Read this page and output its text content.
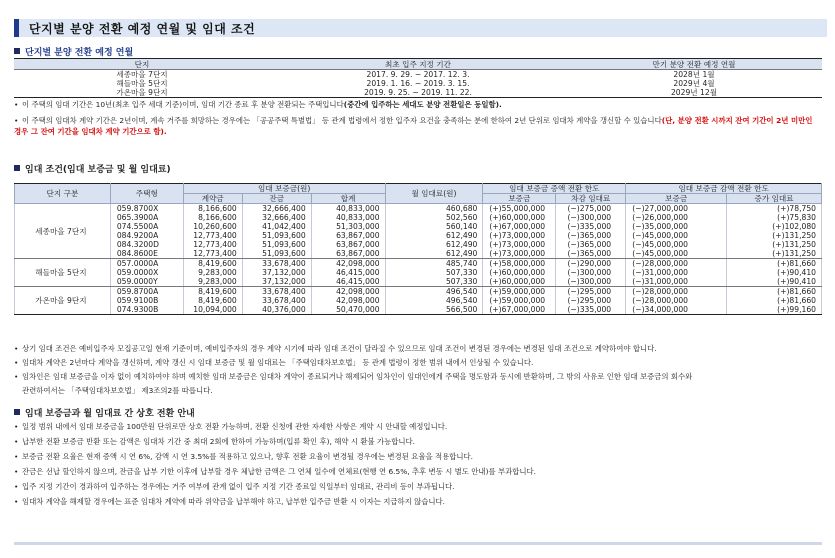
단지별 분양 전환 예정 연월 및 임대 조건
단지별 분양 전환 예정 연월
단지	최초 입주 지정 기간	만기 분양 전환 예정 연월
세종마을 7단지	2017. 9. 29. ~ 2017. 12. 3.	2028년 1월
해들마을 5단지	2019. 1. 16. ~ 2019. 3. 15.	2029년 4월
가온마을 9단지	2019. 9. 25. ~ 2019. 11. 22.	2029년 12월
• 이 주택의 임대 기간은 10년(최초 입주 세대 기준)이며, 임대 기간 종료 후 분양 전환되는 주택입니다(중간에 입주하는 세대도 분양 전환일은 동일함).
• 이 주택의 임대차 계약 기간은 2년이며, 계속 거주를 희망하는 경우에는 「공공주택 특별법」 등 관계 법령에서 정한 입주자 요건을 충족하는 분에 한하여 2년 단위로 임대차 계약을 갱신할 수 있습니다(단, 분양 전환 시까지 잔여 기간이 2년 미만인 경우 그 잔여 기간을 임대차 계약 기간으로 함).
임대 조건(임대 보증금 및 월 임대료)
단지 구분	주택형	임대 보증금(원)			월 임대료(원)	임대 보증금 증액 전환 한도		임대 보증금 감액 전환 한도	
		계약금	잔금	합계		보증금	차감 임대료	보증금	증가 임대료
세종마을 7단지	059.8700X	8,166,600	32,666,400	40,833,000	460,680	(+)55,000,000	(−)275,000	(−)27,000,000	(+)78,750
	065.3900A	8,166,600	32,666,400	40,833,000	502,560	(+)60,000,000	(−)300,000	(−)26,000,000	(+)75,830
	074.5500A	10,260,600	41,042,400	51,303,000	560,140	(+)67,000,000	(−)335,000	(−)35,000,000	(+)102,080
	084.9200A	12,773,400	51,093,600	63,867,000	612,490	(+)73,000,000	(−)365,000	(−)45,000,000	(+)131,250
	084.3200D	12,773,400	51,093,600	63,867,000	612,490	(+)73,000,000	(−)365,000	(−)45,000,000	(+)131,250
	084.8600E	12,773,400	51,093,600	63,867,000	612,490	(+)73,000,000	(−)365,000	(−)45,000,000	(+)131,250
해들마을 5단지	057.0000A	8,419,600	33,678,400	42,098,000	485,740	(+)58,000,000	(−)290,000	(−)28,000,000	(+)81,660
	059.0000X	9,283,000	37,132,000	46,415,000	507,330	(+)60,000,000	(−)300,000	(−)31,000,000	(+)90,410
	059.0000Y	9,283,000	37,132,000	46,415,000	507,330	(+)60,000,000	(−)300,000	(−)31,000,000	(+)90,410
가온마을 9단지	059.8700A	8,419,600	33,678,400	42,098,000	496,540	(+)59,000,000	(−)295,000	(−)28,000,000	(+)81,660
	059.9100B	8,419,600	33,678,400	42,098,000	496,540	(+)59,000,000	(−)295,000	(−)28,000,000	(+)81,660
	074.9300B	10,094,000	40,376,000	50,470,000	566,500	(+)67,000,000	(−)335,000	(−)34,000,000	(+)99,160
• 상기 임대 조건은 예비입주자 모집공고일 현재 기준이며, 예비입주자의 경우 계약 시기에 따라 임대 조건이 달라질 수 있으므로 임대 조건이 변경된 경우에는 변경된 임대 조건으로 계약하여야 합니다.
• 임대차 계약은 2년마다 계약을 갱신하며, 계약 갱신 시 임대 보증금 및 월 임대료는 「주택임대차보호법」 등 관계 법령이 정한 범위 내에서 인상될 수 있습니다.
• 임차인은 임대 보증금을 이자 없이 예치하여야 하며 예치한 임대 보증금은 임대차 계약이 종료되거나 해제되어 임차인이 임대인에게 주택을 명도함과 동시에 반환하며, 그 밖의 사유로 인한 임대 보증금의 회수와
관련하여서는 「주택임대차보호법」 제3조의2를 따릅니다.
임대 보증금과 월 임대료 간 상호 전환 안내
• 일정 범위 내에서 임대 보증금을 100만원 단위로만 상호 전환 가능하며, 전환 신청에 관한 자세한 사항은 계약 시 안내할 예정입니다.
• 납부한 전환 보증금 반환 또는 감액은 임대차 기간 중 최대 2회에 한하여 가능하며(입류 확인 후), 해약 시 환불 가능합니다.
• 보증금 전환 요율은 현재 증액 시 연 6%, 감액 시 연 3.5%를 적용하고 있으나, 향후 전환 요율이 변경될 경우에는 변경된 요율을 적용합니다.
• 잔금은 선납 할인하지 않으며, 잔금을 납부 기한 이후에 납부할 경우 체납한 금액은 그 연체 일수에 연체료(현행 연 6.5%, 추후 변동 시 별도 안내)를 부과합니다.
• 입주 지정 기간이 경과하여 입주하는 경우에는 거주 여부에 관계 없이 입주 지정 기간 종료일 익일부터 임대료, 관리비 등이 부과됩니다.
• 임대차 계약을 해제할 경우에는 표준 임대차 계약에 따라 위약금을 납부해야 하고, 납부한 입주금 반환 시 이자는 지급하지 않습니다.
